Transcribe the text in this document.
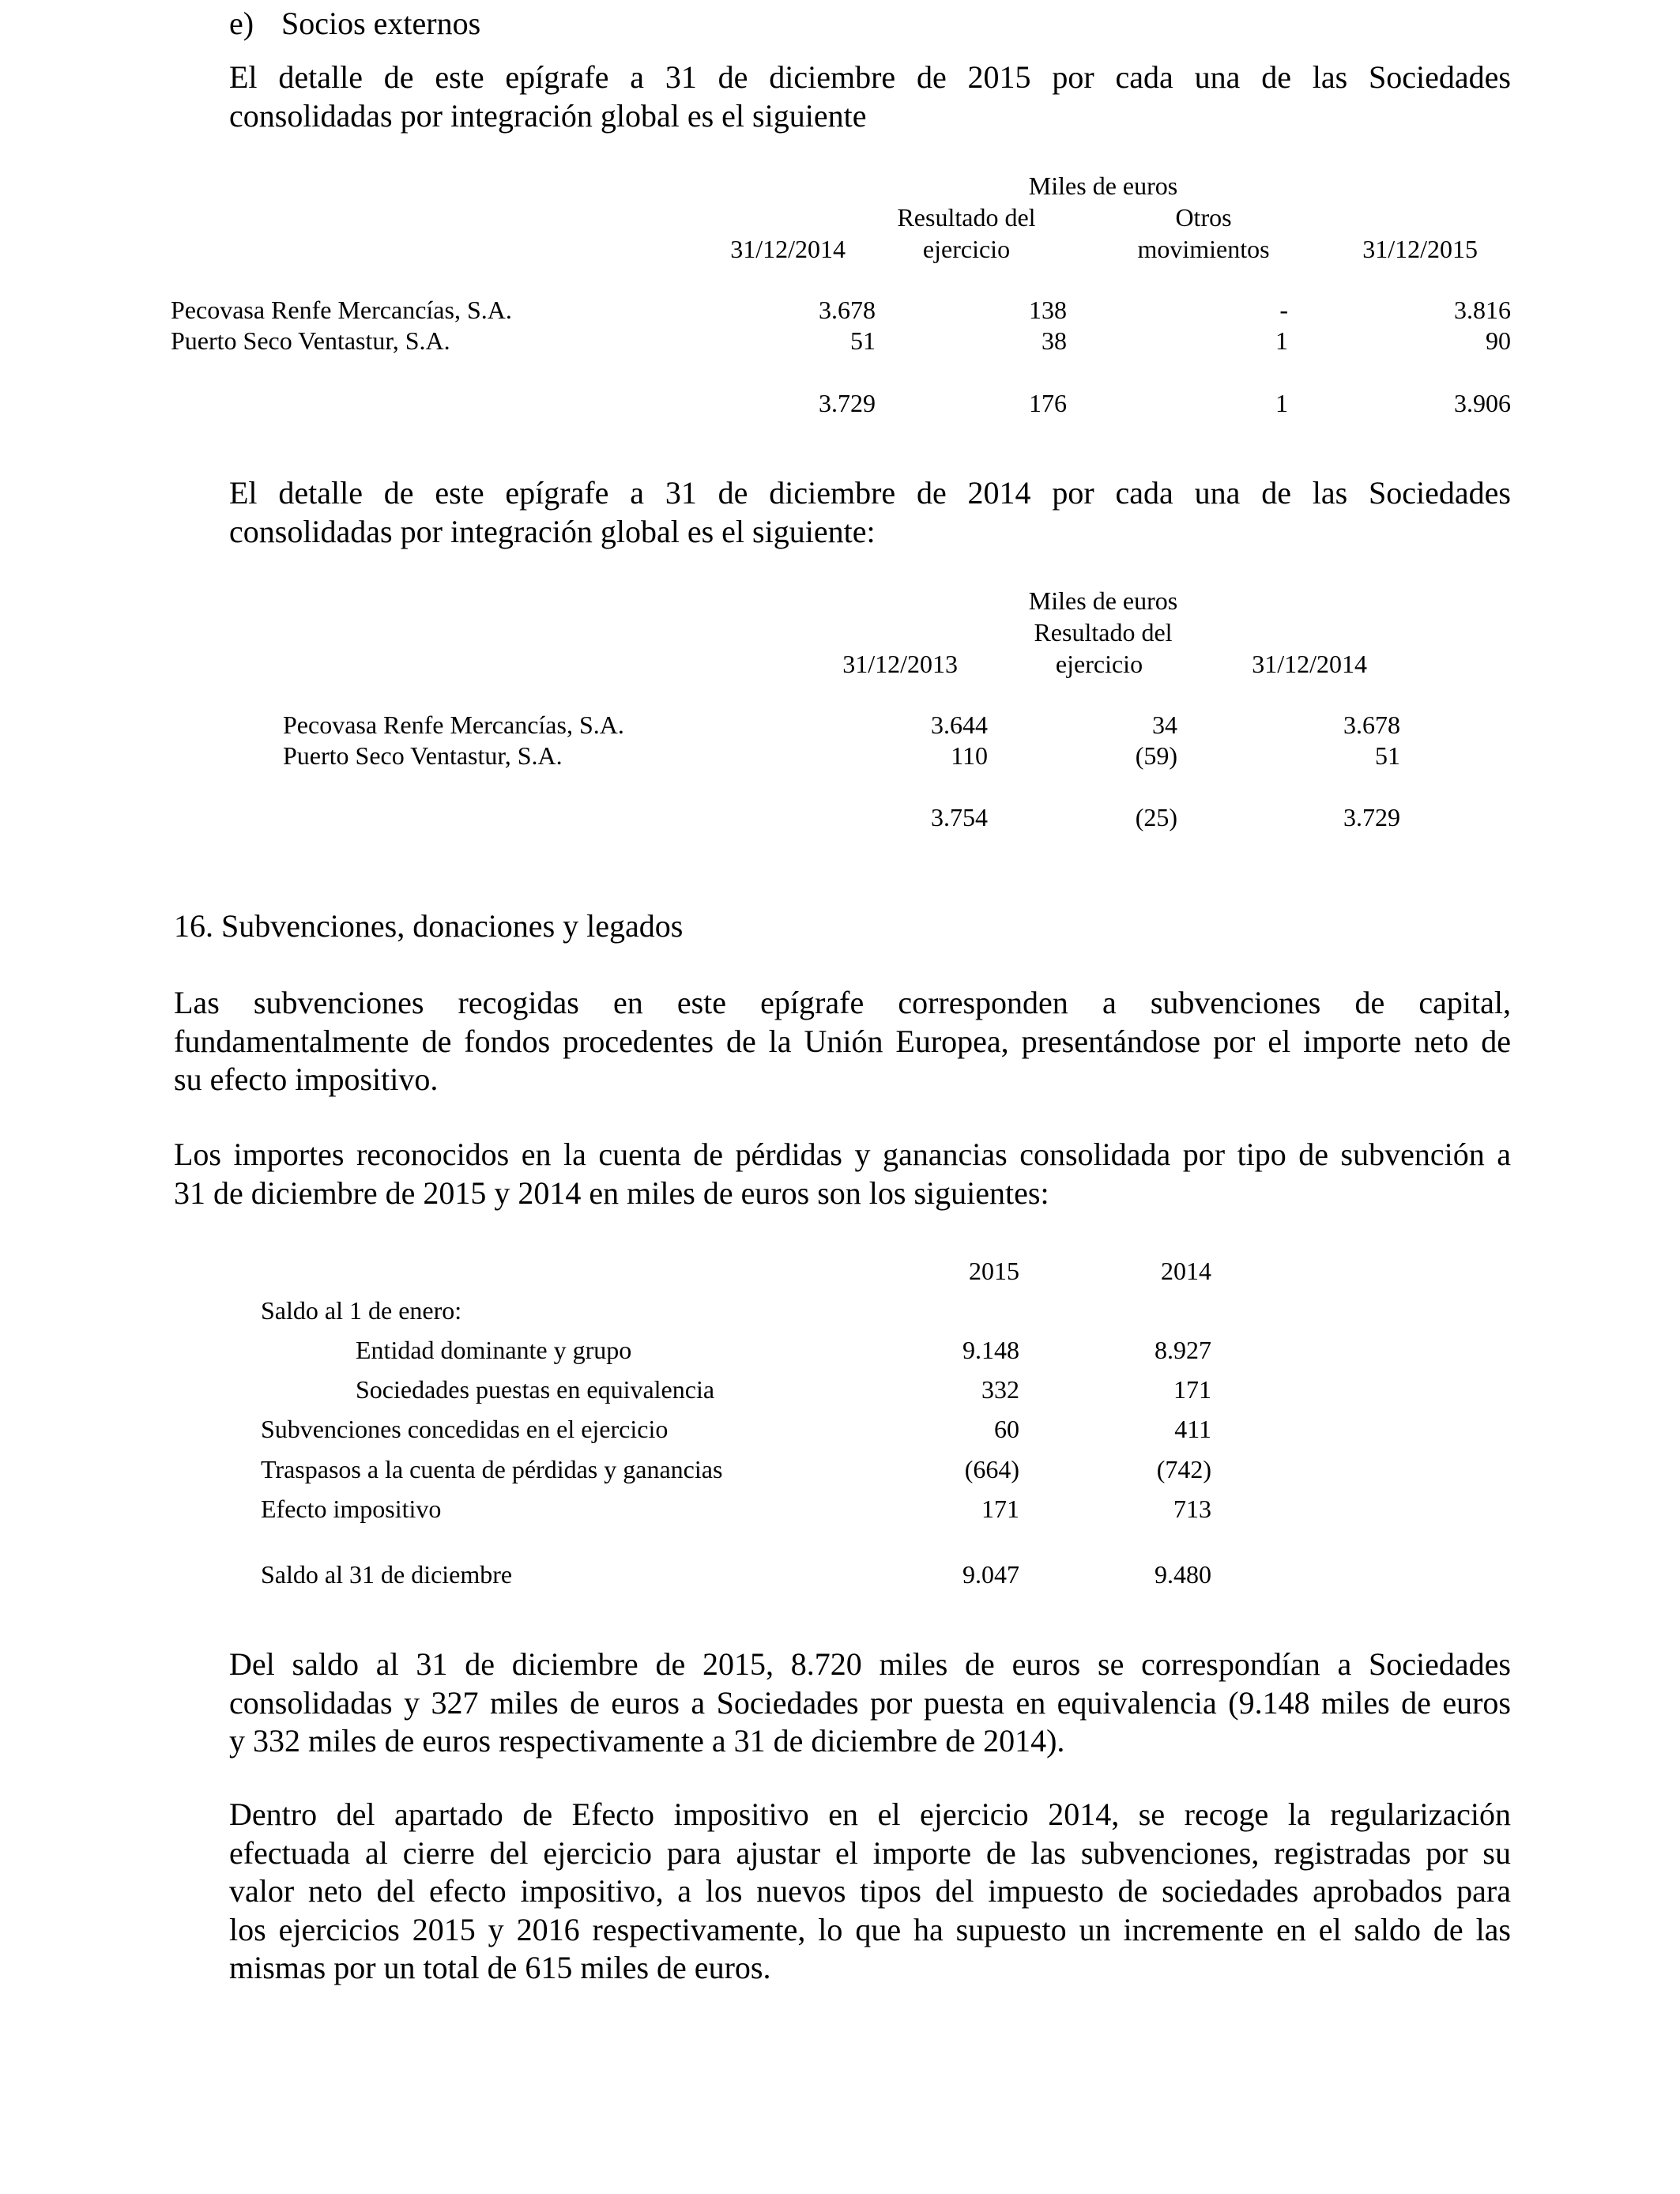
e) Socios externos
El detalle de este epígrafe a 31 de diciembre de 2015 por cada una de las Sociedades
consolidadas por integración global es el siguiente
Miles de euros
Resultado del	Otros
31/12/2014	ejercicio	movimientos	31/12/2015
Pecovasa Renfe Mercancías, S.A.	3.678	138	-	3.816
Puerto Seco Ventastur, S.A.	51	38	1	90
3.729	176	1	3.906
El detalle de este epígrafe a 31 de diciembre de 2014 por cada una de las Sociedades
consolidadas por integración global es el siguiente:
Miles de euros
Resultado del
31/12/2013	ejercicio	31/12/2014
Pecovasa Renfe Mercancías, S.A.	3.644	34	3.678
Puerto Seco Ventastur, S.A.	110	(59)	51
3.754	(25)	3.729
16. Subvenciones, donaciones y legados
Las subvenciones recogidas en este epígrafe corresponden a subvenciones de capital,
fundamentalmente de fondos procedentes de la Unión Europea, presentándose por el importe neto de
su efecto impositivo.
Los importes reconocidos en la cuenta de pérdidas y ganancias consolidada por tipo de subvención a
31 de diciembre de 2015 y 2014 en miles de euros son los siguientes:
2015	2014
Saldo al 1 de enero:
Entidad dominante y grupo	9.148	8.927
Sociedades puestas en equivalencia	332	171
Subvenciones concedidas en el ejercicio	60	411
Traspasos a la cuenta de pérdidas y ganancias	(664)	(742)
Efecto impositivo	171	713
Saldo al 31 de diciembre	9.047	9.480
Del saldo al 31 de diciembre de 2015, 8.720 miles de euros se correspondían a Sociedades
consolidadas y 327 miles de euros a Sociedades por puesta en equivalencia (9.148 miles de euros
y 332 miles de euros respectivamente a 31 de diciembre de 2014).
Dentro del apartado de Efecto impositivo en el ejercicio 2014, se recoge la regularización
efectuada al cierre del ejercicio para ajustar el importe de las subvenciones, registradas por su
valor neto del efecto impositivo, a los nuevos tipos del impuesto de sociedades aprobados para
los ejercicios 2015 y 2016 respectivamente, lo que ha supuesto un incremente en el saldo de las
mismas por un total de 615 miles de euros.
